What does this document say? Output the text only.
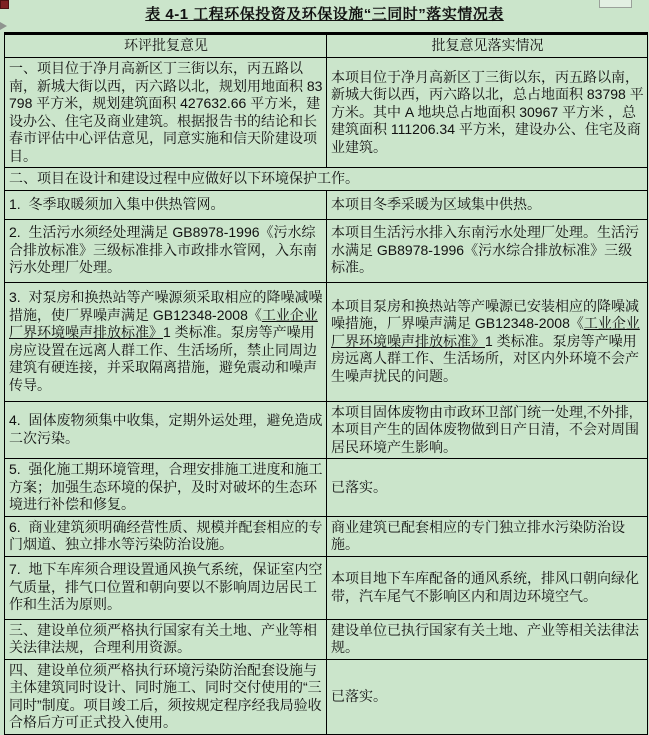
表 4-1 工程环保投资及环保设施“三同时”落实情况表
环评批复意见	批复意见落实情况
一、项目位于净月高新区丁三街以东，丙五路以南，新城大街以西，丙六路以北，规划用地面积 83798 平方米，规划建筑面积 427632.66 平方米，建设办公、住宅及商业建筑。根据报告书的结论和长春市评估中心评估意见，同意实施和信天阶建设项目。	本项目位于净月高新区丁三街以东，丙五路以南，新城大街以西，丙六路以北，总占地面积 83798 平方米。其中 A 地块总占地面积 30967 平方米 ，总建筑面积 111206.34 平方米，建设办公、住宅及商业建筑。
二、项目在设计和建设过程中应做好以下环境保护工作。	
1.  冬季取暖须加入集中供热管网。	本项目冬季采暖为区域集中供热。
2.  生活污水须经处理满足 GB8978-1996《污水综合排放标准》三级标准排入市政排水管网，入东南污水处理厂处理。	本项目生活污水排入东南污水处理厂处理。生活污水满足 GB8978-1996《污水综合排放标准》三级标准。
3.  对泵房和换热站等产噪源须采取相应的降噪减噪措施，使厂界噪声满足 GB12348-2008《工业企业厂界环境噪声排放标准》1 类标准。泵房等产噪用房应设置在远离人群工作、生活场所，禁止同周边建筑有硬连接，并采取隔离措施，避免震动和噪声传导。	本项目泵房和换热站等产噪源已安装相应的降噪减噪措施，厂界噪声满足 GB12348-2008《工业企业厂界环境噪声排放标准》1 类标准。泵房等产噪用房远离人群工作、生活场所，对区内外环境不会产生噪声扰民的问题。
4.  固体废物须集中收集，定期外运处理，避免造成二次污染。	本项目固体废物由市政环卫部门统一处理,不外排,本项目产生的固体废物做到日产日清，不会对周围居民环境产生影响。
5.  强化施工期环境管理，合理安排施工进度和施工方案；加强生态环境的保护，及时对破坏的生态环境进行补偿和修复。	已落实。
6.  商业建筑须明确经营性质、规模并配套相应的专门烟道、独立排水等污染防治设施。	商业建筑已配套相应的专门独立排水污染防治设施。
7.  地下车库须合理设置通风换气系统，保证室内空气质量，排气口位置和朝向要以不影响周边居民工作和生活为原则。	本项目地下车库配备的通风系统，排风口朝向绿化带，汽车尾气不影响区内和周边环境空气。
三、建设单位须严格执行国家有关土地、产业等相关法律法规，合理利用资源。	建设单位已执行国家有关土地、产业等相关法律法规。
四、建设单位须严格执行环境污染防治配套设施与主体建筑同时设计、同时施工、同时交付使用的“三同时”制度。项目竣工后，须按规定程序经我局验收合格后方可正式投入使用。	已落实。
